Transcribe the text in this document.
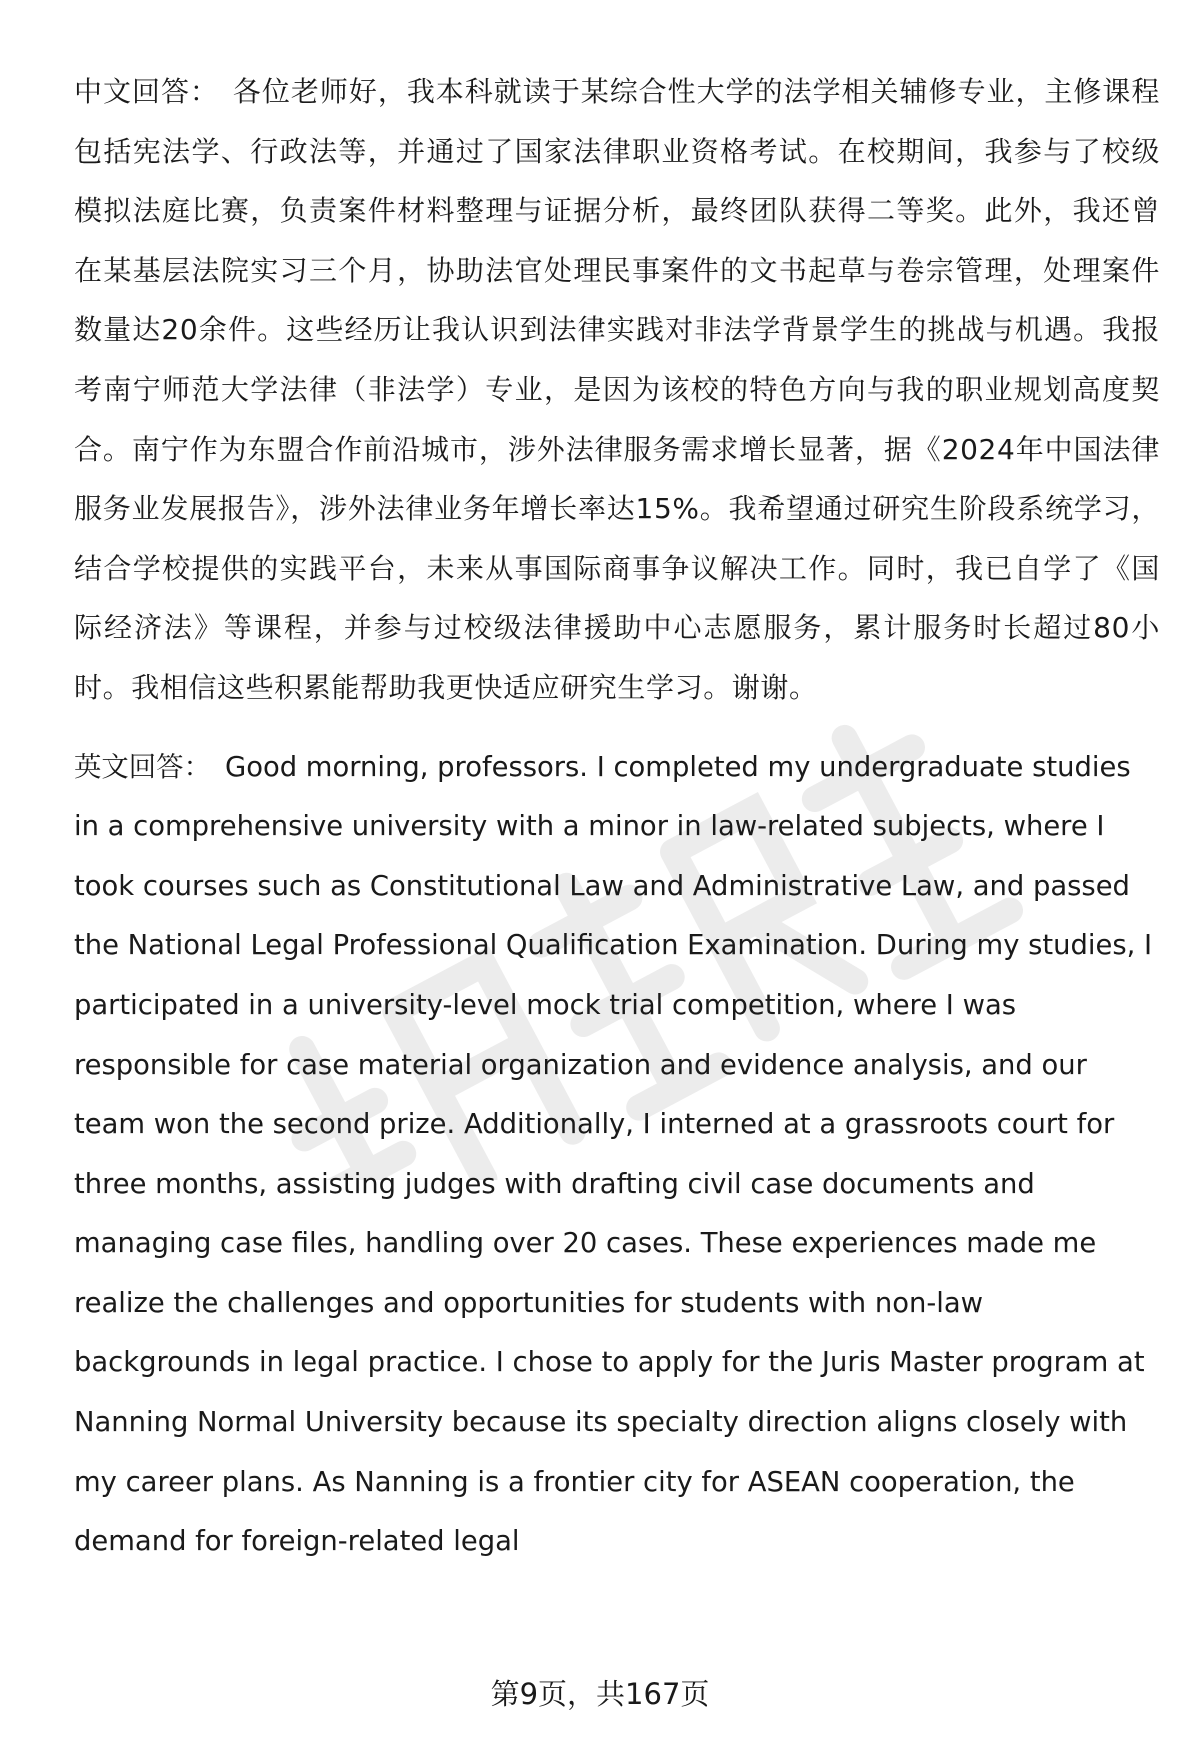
中文回答： 各位老师好，我本科就读于某综合性大学的法学相关辅修专业，主修课程包括宪法学、行政法等，并通过了国家法律职业资格考试。在校期间，我参与了校级模拟法庭比赛，负责案件材料整理与证据分析，最终团队获得二等奖。此外，我还曾在某基层法院实习三个月，协助法官处理民事案件的文书起草与卷宗管理，处理案件数量达20余件。这些经历让我认识到法律实践对非法学背景学生的挑战与机遇。我报考南宁师范大学法律（非法学）专业，是因为该校的特色方向与我的职业规划高度契合。南宁作为东盟合作前沿城市，涉外法律服务需求增长显著，据《2024年中国法律服务业发展报告》，涉外法律业务年增长率达15%。我希望通过研究生阶段系统学习，结合学校提供的实践平台，未来从事国际商事争议解决工作。同时，我已自学了《国际经济法》等课程，并参与过校级法律援助中心志愿服务，累计服务时长超过80小时。我相信这些积累能帮助我更快适应研究生学习。谢谢。

英文回答： Good morning, professors. I completed my undergraduate studies in a comprehensive university with a minor in law-related subjects, where I took courses such as Constitutional Law and Administrative Law, and passed the National Legal Professional Qualification Examination. During my studies, I participated in a university-level mock trial competition, where I was responsible for case material organization and evidence analysis, and our team won the second prize. Additionally, I interned at a grassroots court for three months, assisting judges with drafting civil case documents and managing case files, handling over 20 cases. These experiences made me realize the challenges and opportunities for students with non-law backgrounds in legal practice. I chose to apply for the Juris Master program at Nanning Normal University because its specialty direction aligns closely with my career plans. As Nanning is a frontier city for ASEAN cooperation, the demand for foreign-related legal

第9页，共167页
